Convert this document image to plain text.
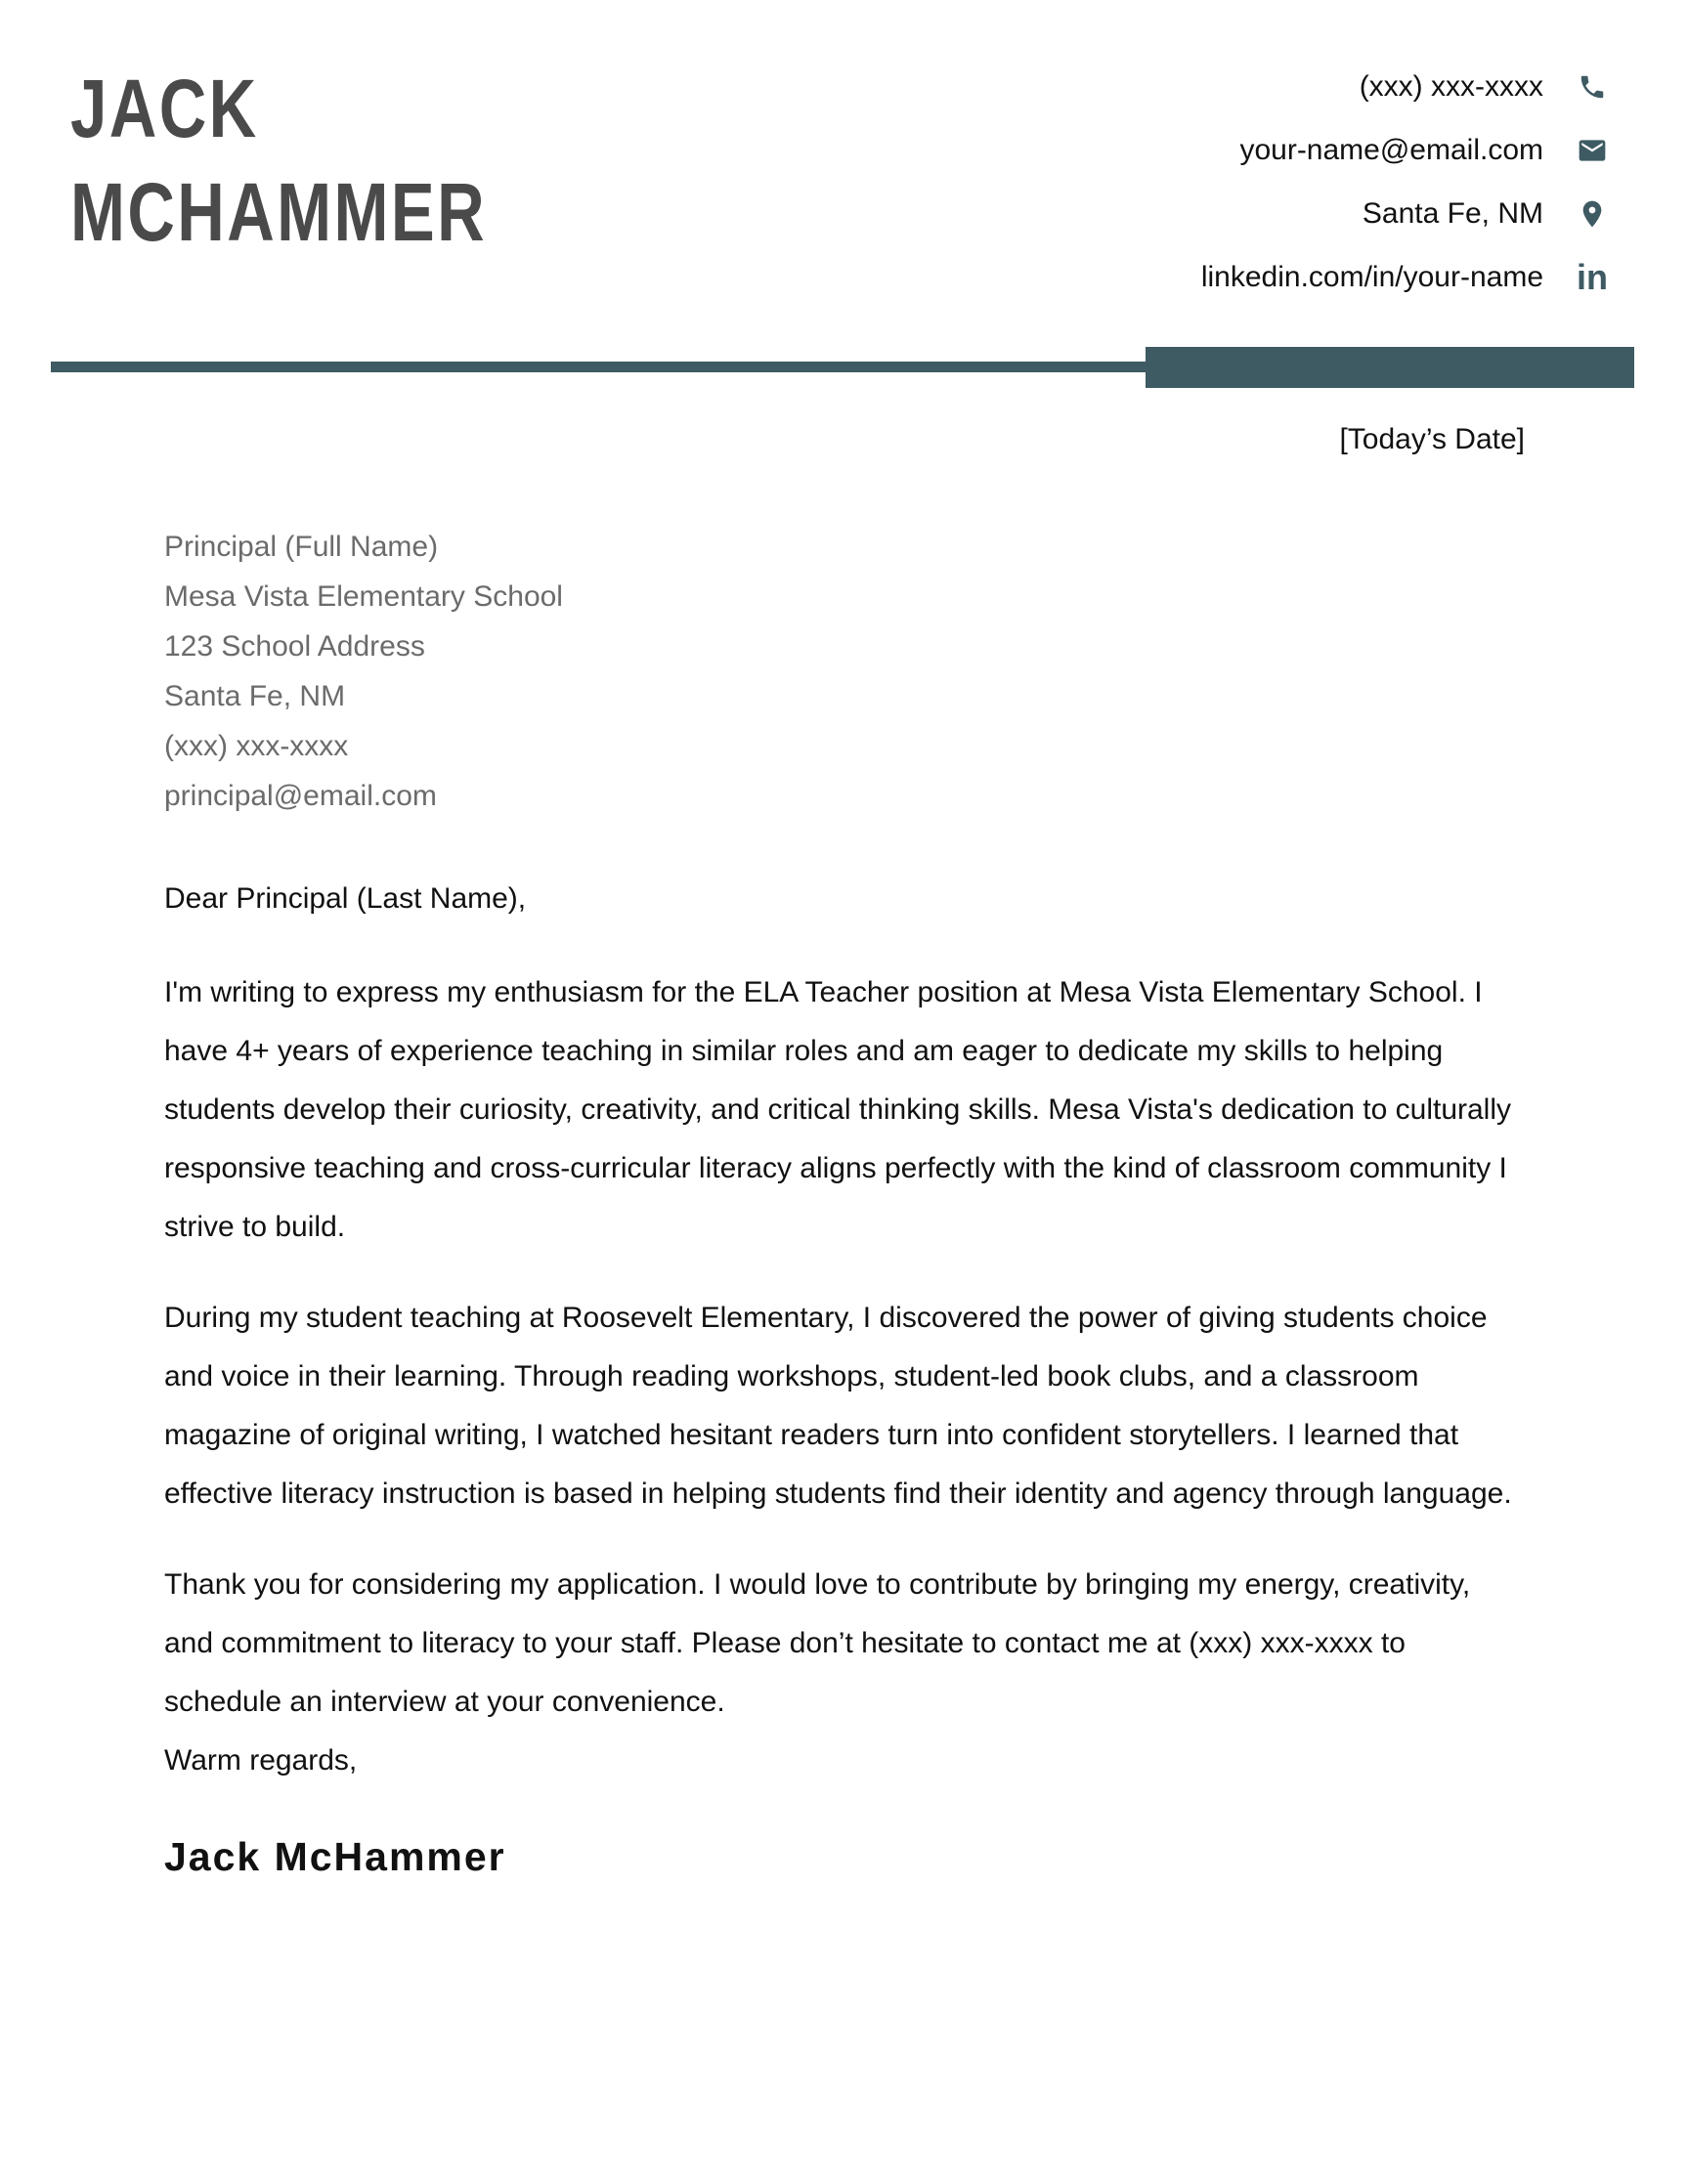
JACK
MCHAMMER
(xxx) xxx-xxxx
your-name@email.com
Santa Fe, NM
linkedin.com/in/your-name in
[Today’s Date]
Principal (Full Name)
Mesa Vista Elementary School
123 School Address
Santa Fe, NM
(xxx) xxx-xxxx
principal@email.com
Dear Principal (Last Name),

I'm writing to express my enthusiasm for the ELA Teacher position at Mesa Vista Elementary School. I have 4+ years of experience teaching in similar roles and am eager to dedicate my skills to helping students develop their curiosity, creativity, and critical thinking skills. Mesa Vista's dedication to culturally responsive teaching and cross-curricular literacy aligns perfectly with the kind of classroom community I strive to build.

During my student teaching at Roosevelt Elementary, I discovered the power of giving students choice and voice in their learning. Through reading workshops, student-led book clubs, and a classroom magazine of original writing, I watched hesitant readers turn into confident storytellers. I learned that effective literacy instruction is based in helping students find their identity and agency through language.

Thank you for considering my application. I would love to contribute by bringing my energy, creativity, and commitment to literacy to your staff. Please don’t hesitate to contact me at (xxx) xxx-xxxx to schedule an interview at your convenience.

Warm regards,
Jack McHammer
